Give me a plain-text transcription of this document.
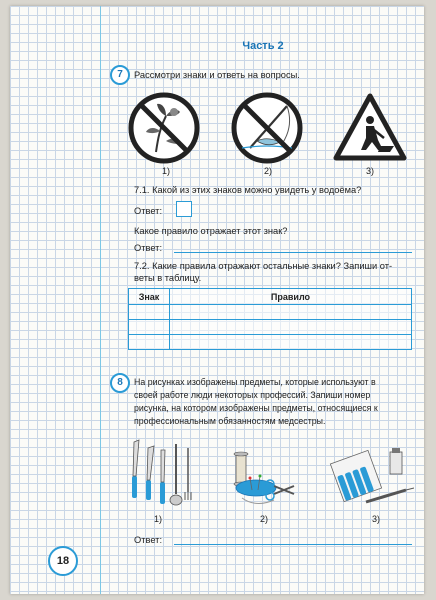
Часть 2
7	Рассмотри знаки и ответь на вопросы.
1)	2)	3)
7.1. Какой из этих знаков можно увидеть у водоёма?
Ответ:
Какое правило отражает этот знак?
Ответ:
7.2. Какие правила отражают остальные знаки? Запиши от-
веты в таблицу.
Знак	Правило

8	На рисунках изображены предметы, которые используют в
своей работе люди некоторых профессий. Запиши номер
рисунка, на котором изображены предметы, относящиеся к
профессиональным обязанностям медсестры.
1)	2)	3)
Ответ:
18
